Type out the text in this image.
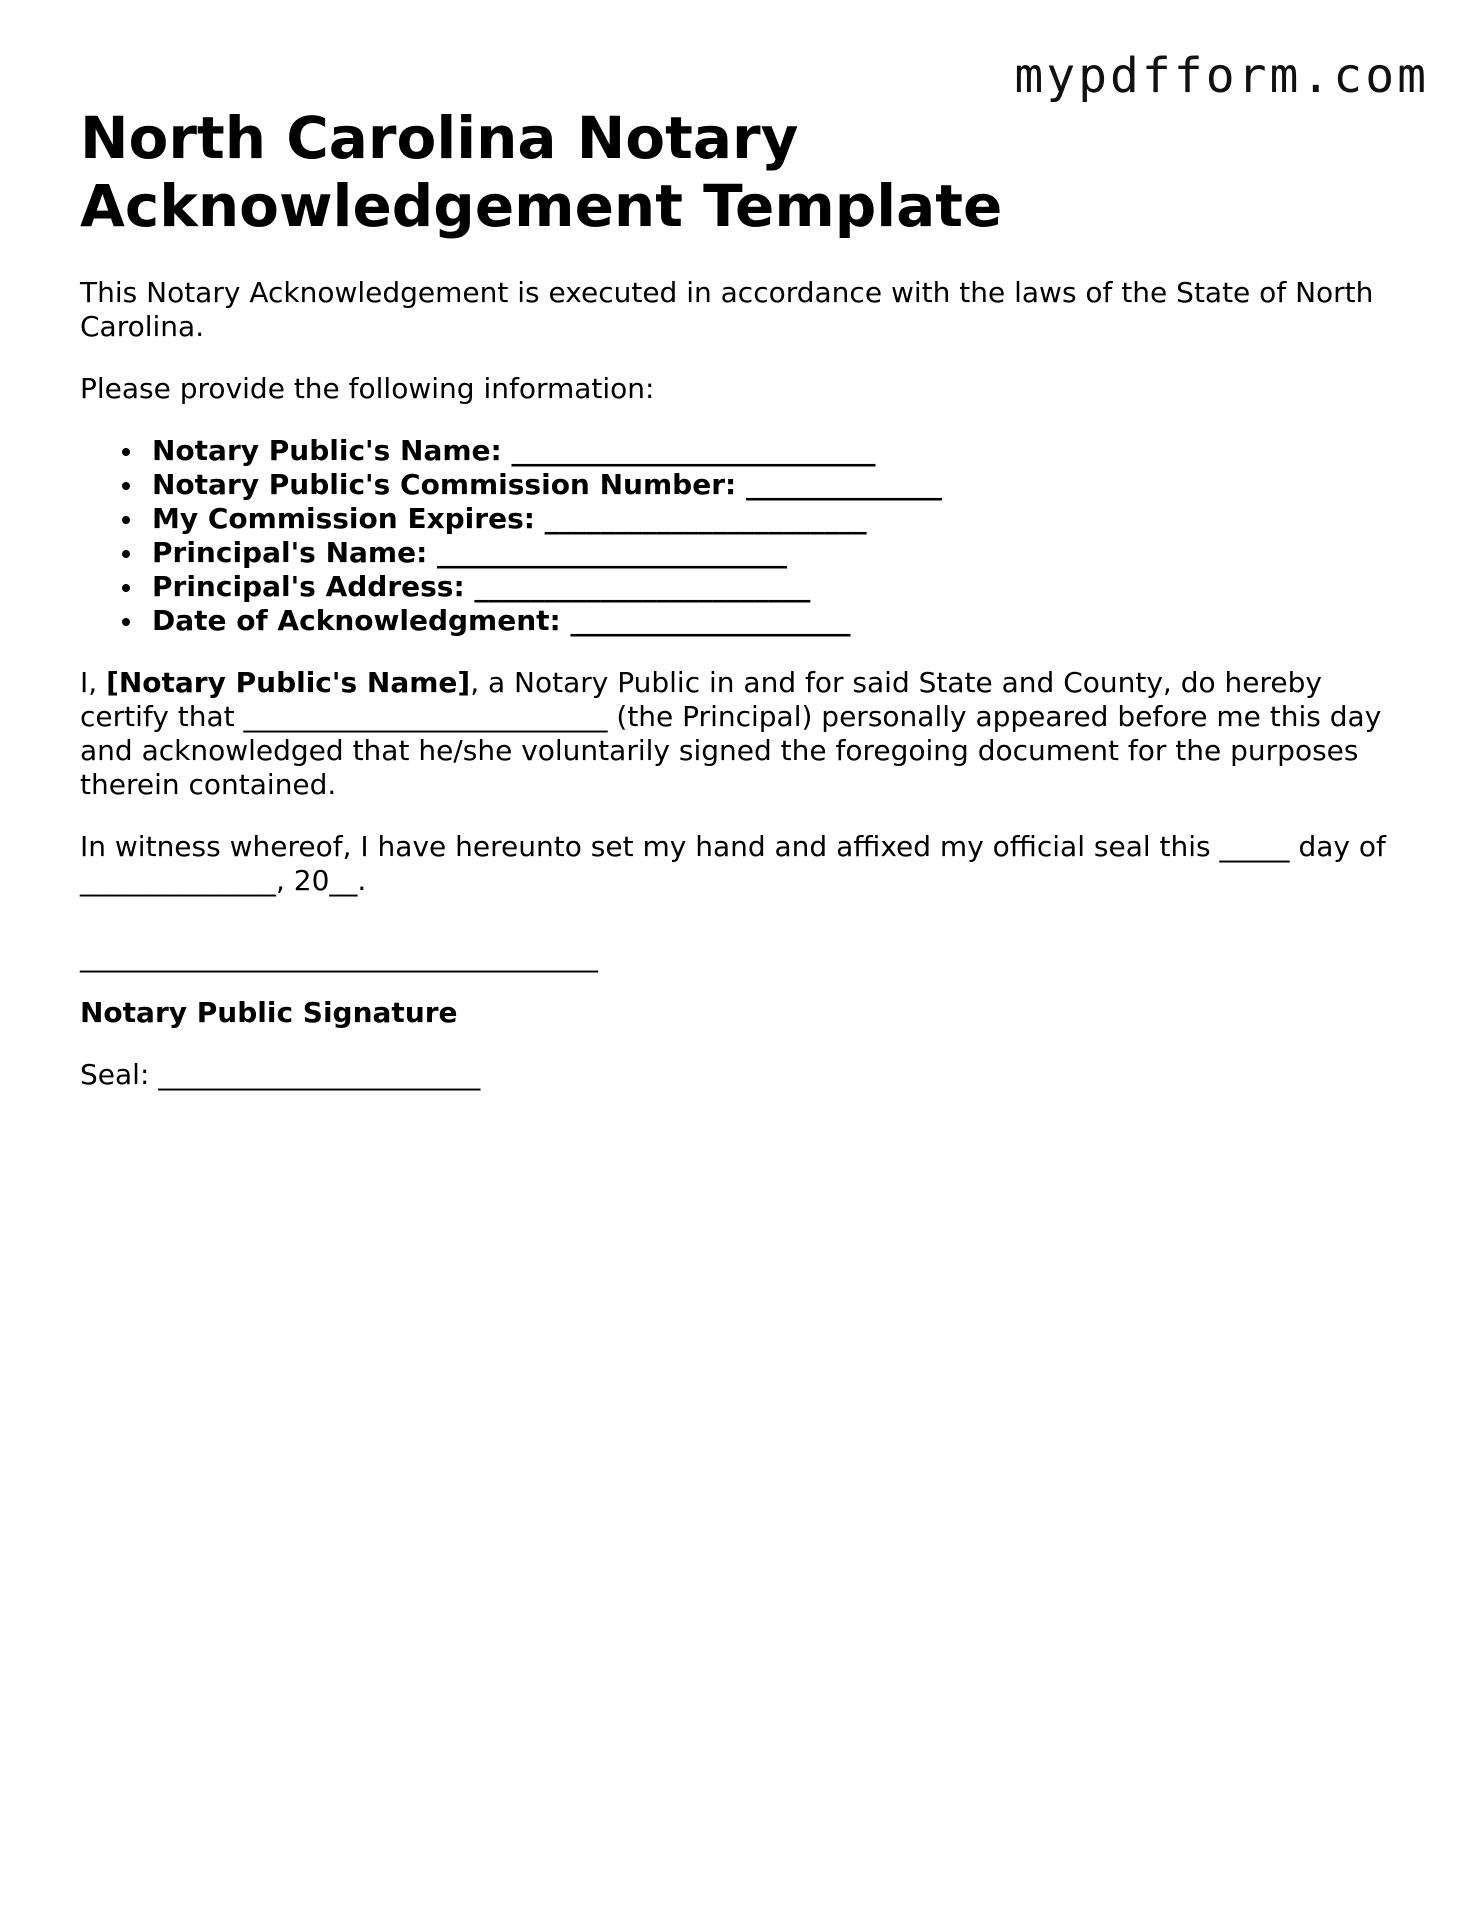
mypdfform.com
North Carolina Notary Acknowledgement Template

This Notary Acknowledgement is executed in accordance with the laws of the State of North Carolina.

Please provide the following information:

Notary Public's Name: __________________________
Notary Public's Commission Number: ______________
My Commission Expires: _______________________
Principal's Name: _________________________
Principal's Address: ________________________
Date of Acknowledgment: ____________________

I, [Notary Public's Name], a Notary Public in and for said State and County, do hereby certify that __________________________ (the Principal) personally appeared before me this day and acknowledged that he/she voluntarily signed the foregoing document for the purposes therein contained.

In witness whereof, I have hereunto set my hand and affixed my official seal this _____ day of ______________, 20__.

_____________________________________
Notary Public Signature

Seal: _______________________
